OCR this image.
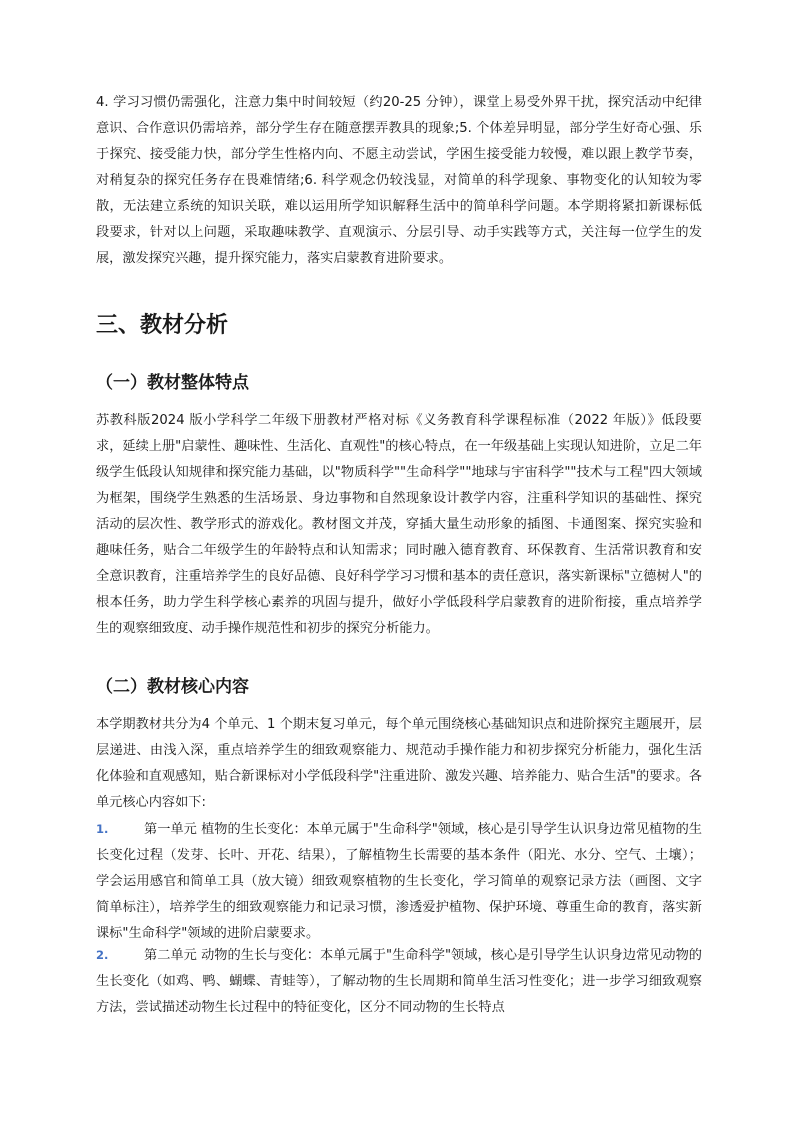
4. 学习习惯仍需强化，注意力集中时间较短（约20-25 分钟），课堂上易受外界干扰，探究活动中纪律意识、合作意识仍需培养，部分学生存在随意摆弄教具的现象;5. 个体差异明显，部分学生好奇心强、乐于探究、接受能力快，部分学生性格内向、不愿主动尝试，学困生接受能力较慢，难以跟上教学节奏，对稍复杂的探究任务存在畏难情绪;6. 科学观念仍较浅显，对简单的科学现象、事物变化的认知较为零散，无法建立系统的知识关联，难以运用所学知识解释生活中的简单科学问题。本学期将紧扣新课标低段要求，针对以上问题，采取趣味教学、直观演示、分层引导、动手实践等方式，关注每一位学生的发展，激发探究兴趣，提升探究能力，落实启蒙教育进阶要求。

三、教材分析
（一）教材整体特点

苏教科版2024 版小学科学二年级下册教材严格对标《义务教育科学课程标准（2022 年版）》低段要求，延续上册"启蒙性、趣味性、生活化、直观性"的核心特点，在一年级基础上实现认知进阶，立足二年级学生低段认知规律和探究能力基础，以"物质科学""生命科学""地球与宇宙科学""技术与工程"四大领域为框架，围绕学生熟悉的生活场景、身边事物和自然现象设计教学内容，注重科学知识的基础性、探究活动的层次性、教学形式的游戏化。教材图文并茂，穿插大量生动形象的插图、卡通图案、探究实验和趣味任务，贴合二年级学生的年龄特点和认知需求；同时融入德育教育、环保教育、生活常识教育和安全意识教育，注重培养学生的良好品德、良好科学学习习惯和基本的责任意识，落实新课标"立德树人"的根本任务，助力学生科学核心素养的巩固与提升，做好小学低段科学启蒙教育的进阶衔接，重点培养学生的观察细致度、动手操作规范性和初步的探究分析能力。

（二）教材核心内容

本学期教材共分为4 个单元、1 个期末复习单元，每个单元围绕核心基础知识点和进阶探究主题展开，层层递进、由浅入深，重点培养学生的细致观察能力、规范动手操作能力和初步探究分析能力，强化生活化体验和直观感知，贴合新课标对小学低段科学"注重进阶、激发兴趣、培养能力、贴合生活"的要求。各单元核心内容如下:

1.	第一单元 植物的生长变化：本单元属于"生命科学"领域，核心是引导学生认识身边常见植物的生长变化过程（发芽、长叶、开花、结果），了解植物生长需要的基本条件（阳光、水分、空气、土壤）；学会运用感官和简单工具（放大镜）细致观察植物的生长变化，学习简单的观察记录方法（画图、文字简单标注），培养学生的细致观察能力和记录习惯，渗透爱护植物、保护环境、尊重生命的教育，落实新课标"生命科学"领域的进阶启蒙要求。

2.	第二单元 动物的生长与变化：本单元属于"生命科学"领域，核心是引导学生认识身边常见动物的生长变化（如鸡、鸭、蝴蝶、青蛙等），了解动物的生长周期和简单生活习性变化；进一步学习细致观察方法，尝试描述动物生长过程中的特征变化，区分不同动物的生长特点
